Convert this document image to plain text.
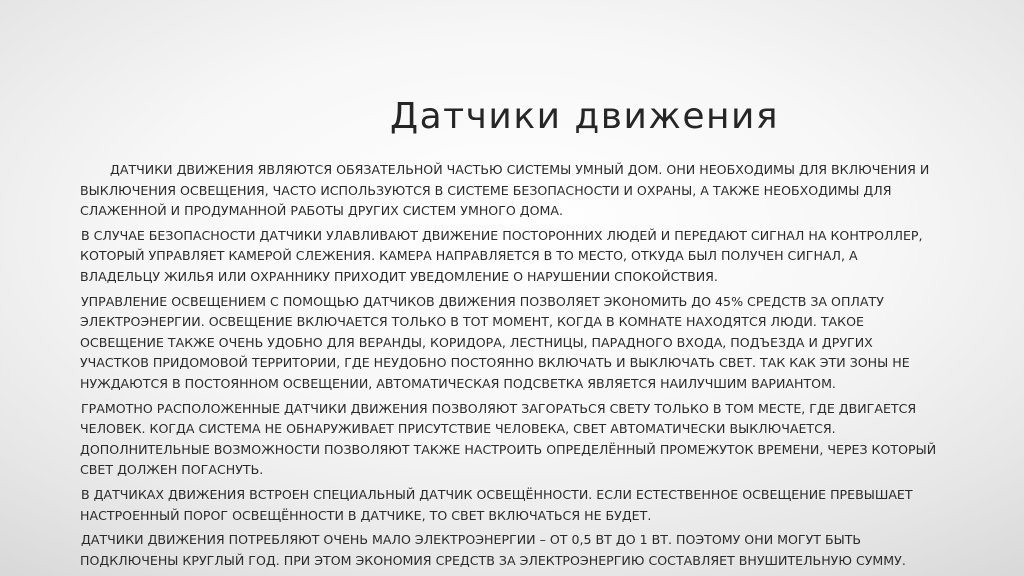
Датчики движения

ДАТЧИКИ ДВИЖЕНИЯ ЯВЛЯЮТСЯ ОБЯЗАТЕЛЬНОЙ ЧАСТЬЮ СИСТЕМЫ УМНЫЙ ДОМ. ОНИ НЕОБХОДИМЫ ДЛЯ ВКЛЮЧЕНИЯ И ВЫКЛЮЧЕНИЯ ОСВЕЩЕНИЯ, ЧАСТО ИСПОЛЬЗУЮТСЯ В СИСТЕМЕ БЕЗОПАСНОСТИ И ОХРАНЫ, А ТАКЖЕ НЕОБХОДИМЫ ДЛЯ СЛАЖЕННОЙ И ПРОДУМАННОЙ РАБОТЫ ДРУГИХ СИСТЕМ УМНОГО ДОМА.

В СЛУЧАЕ БЕЗОПАСНОСТИ ДАТЧИКИ УЛАВЛИВАЮТ ДВИЖЕНИЕ ПОСТОРОННИХ ЛЮДЕЙ И ПЕРЕДАЮТ СИГНАЛ НА КОНТРОЛЛЕР, КОТОРЫЙ УПРАВЛЯЕТ КАМЕРОЙ СЛЕЖЕНИЯ. КАМЕРА НАПРАВЛЯЕТСЯ В ТО МЕСТО, ОТКУДА БЫЛ ПОЛУЧЕН СИГНАЛ, А ВЛАДЕЛЬЦУ ЖИЛЬЯ ИЛИ ОХРАННИКУ ПРИХОДИТ УВЕДОМЛЕНИЕ О НАРУШЕНИИ СПОКОЙСТВИЯ.

УПРАВЛЕНИЕ ОСВЕЩЕНИЕМ С ПОМОЩЬЮ ДАТЧИКОВ ДВИЖЕНИЯ ПОЗВОЛЯЕТ ЭКОНОМИТЬ ДО 45% СРЕДСТВ ЗА ОПЛАТУ ЭЛЕКТРОЭНЕРГИИ. ОСВЕЩЕНИЕ ВКЛЮЧАЕТСЯ ТОЛЬКО В ТОТ МОМЕНТ, КОГДА В КОМНАТЕ НАХОДЯТСЯ ЛЮДИ. ТАКОЕ ОСВЕЩЕНИЕ ТАКЖЕ ОЧЕНЬ УДОБНО ДЛЯ ВЕРАНДЫ, КОРИДОРА, ЛЕСТНИЦЫ, ПАРАДНОГО ВХОДА, ПОДЪЕЗДА И ДРУГИХ УЧАСТКОВ ПРИДОМОВОЙ ТЕРРИТОРИИ, ГДЕ НЕУДОБНО ПОСТОЯННО ВКЛЮЧАТЬ И ВЫКЛЮЧАТЬ СВЕТ. ТАК КАК ЭТИ ЗОНЫ НЕ НУЖДАЮТСЯ В ПОСТОЯННОМ ОСВЕЩЕНИИ, АВТОМАТИЧЕСКАЯ ПОДСВЕТКА ЯВЛЯЕТСЯ НАИЛУЧШИМ ВАРИАНТОМ.

ГРАМОТНО РАСПОЛОЖЕННЫЕ ДАТЧИКИ ДВИЖЕНИЯ ПОЗВОЛЯЮТ ЗАГОРАТЬСЯ СВЕТУ ТОЛЬКО В ТОМ МЕСТЕ, ГДЕ ДВИГАЕТСЯ ЧЕЛОВЕК. КОГДА СИСТЕМА НЕ ОБНАРУЖИВАЕТ ПРИСУТСТВИЕ ЧЕЛОВЕКА, СВЕТ АВТОМАТИЧЕСКИ ВЫКЛЮЧАЕТСЯ. ДОПОЛНИТЕЛЬНЫЕ ВОЗМОЖНОСТИ ПОЗВОЛЯЮТ ТАКЖЕ НАСТРОИТЬ ОПРЕДЕЛЁННЫЙ ПРОМЕЖУТОК ВРЕМЕНИ, ЧЕРЕЗ КОТОРЫЙ СВЕТ ДОЛЖЕН ПОГАСНУТЬ.

В ДАТЧИКАХ ДВИЖЕНИЯ ВСТРОЕН СПЕЦИАЛЬНЫЙ ДАТЧИК ОСВЕЩЁННОСТИ. ЕСЛИ ЕСТЕСТВЕННОЕ ОСВЕЩЕНИЕ ПРЕВЫШАЕТ НАСТРОЕННЫЙ ПОРОГ ОСВЕЩЁННОСТИ В ДАТЧИКЕ, ТО СВЕТ ВКЛЮЧАТЬСЯ НЕ БУДЕТ.

ДАТЧИКИ ДВИЖЕНИЯ ПОТРЕБЛЯЮТ ОЧЕНЬ МАЛО ЭЛЕКТРОЭНЕРГИИ – ОТ 0,5 ВТ ДО 1 ВТ. ПОЭТОМУ ОНИ МОГУТ БЫТЬ ПОДКЛЮЧЕНЫ КРУГЛЫЙ ГОД. ПРИ ЭТОМ ЭКОНОМИЯ СРЕДСТВ ЗА ЭЛЕКТРОЭНЕРГИЮ СОСТАВЛЯЕТ ВНУШИТЕЛЬНУЮ СУММУ.
